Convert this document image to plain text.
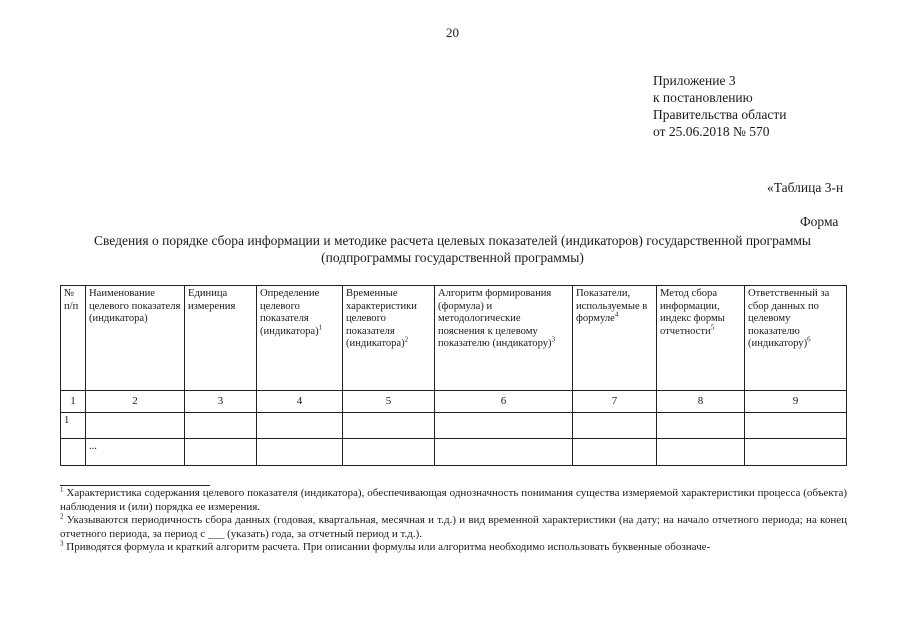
20
Приложение 3
к постановлению
Правительства области
от 25.06.2018 № 570
«Таблица 3-н
Форма
Сведения о порядке сбора информации и методике расчета целевых показателей (индикаторов) государственной программы (подпрограммы государственной программы)
№ п/п	Наименование целевого показателя (индикатора)	Единица измерения	Определение целевого показателя (индикатора)$^1$	Временные характеристики целевого показателя (индикатора)$^2$	Алгоритм формирования (формула) и методологические пояснения к целевому показателю (индикатору)$^3$	Показатели, используемые в формуле$^4$	Метод сбора информации, индекс формы отчетности$^5$	Ответственный за сбор данных по целевому показателю (индикатору)$^6$
1	2	3	4	5	6	7	8	9
1								
	...							

$^1$ Характеристика содержания целевого показателя (индикатора), обеспечивающая однозначность понимания существа измеряемой характеристики процесса (объекта) наблюдения и (или) порядка ее измерения.

$^2$ Указываются периодичность сбора данных (годовая, квартальная, месячная и т.д.) и вид временной характеристики (на дату; на начало отчетного периода; на конец отчетного периода, за период с ___ (указать) года, за отчетный период и т.д.).

$^3$ Приводятся формула и краткий алгоритм расчета. При описании формулы или алгоритма необходимо использовать буквенные обозначе-
